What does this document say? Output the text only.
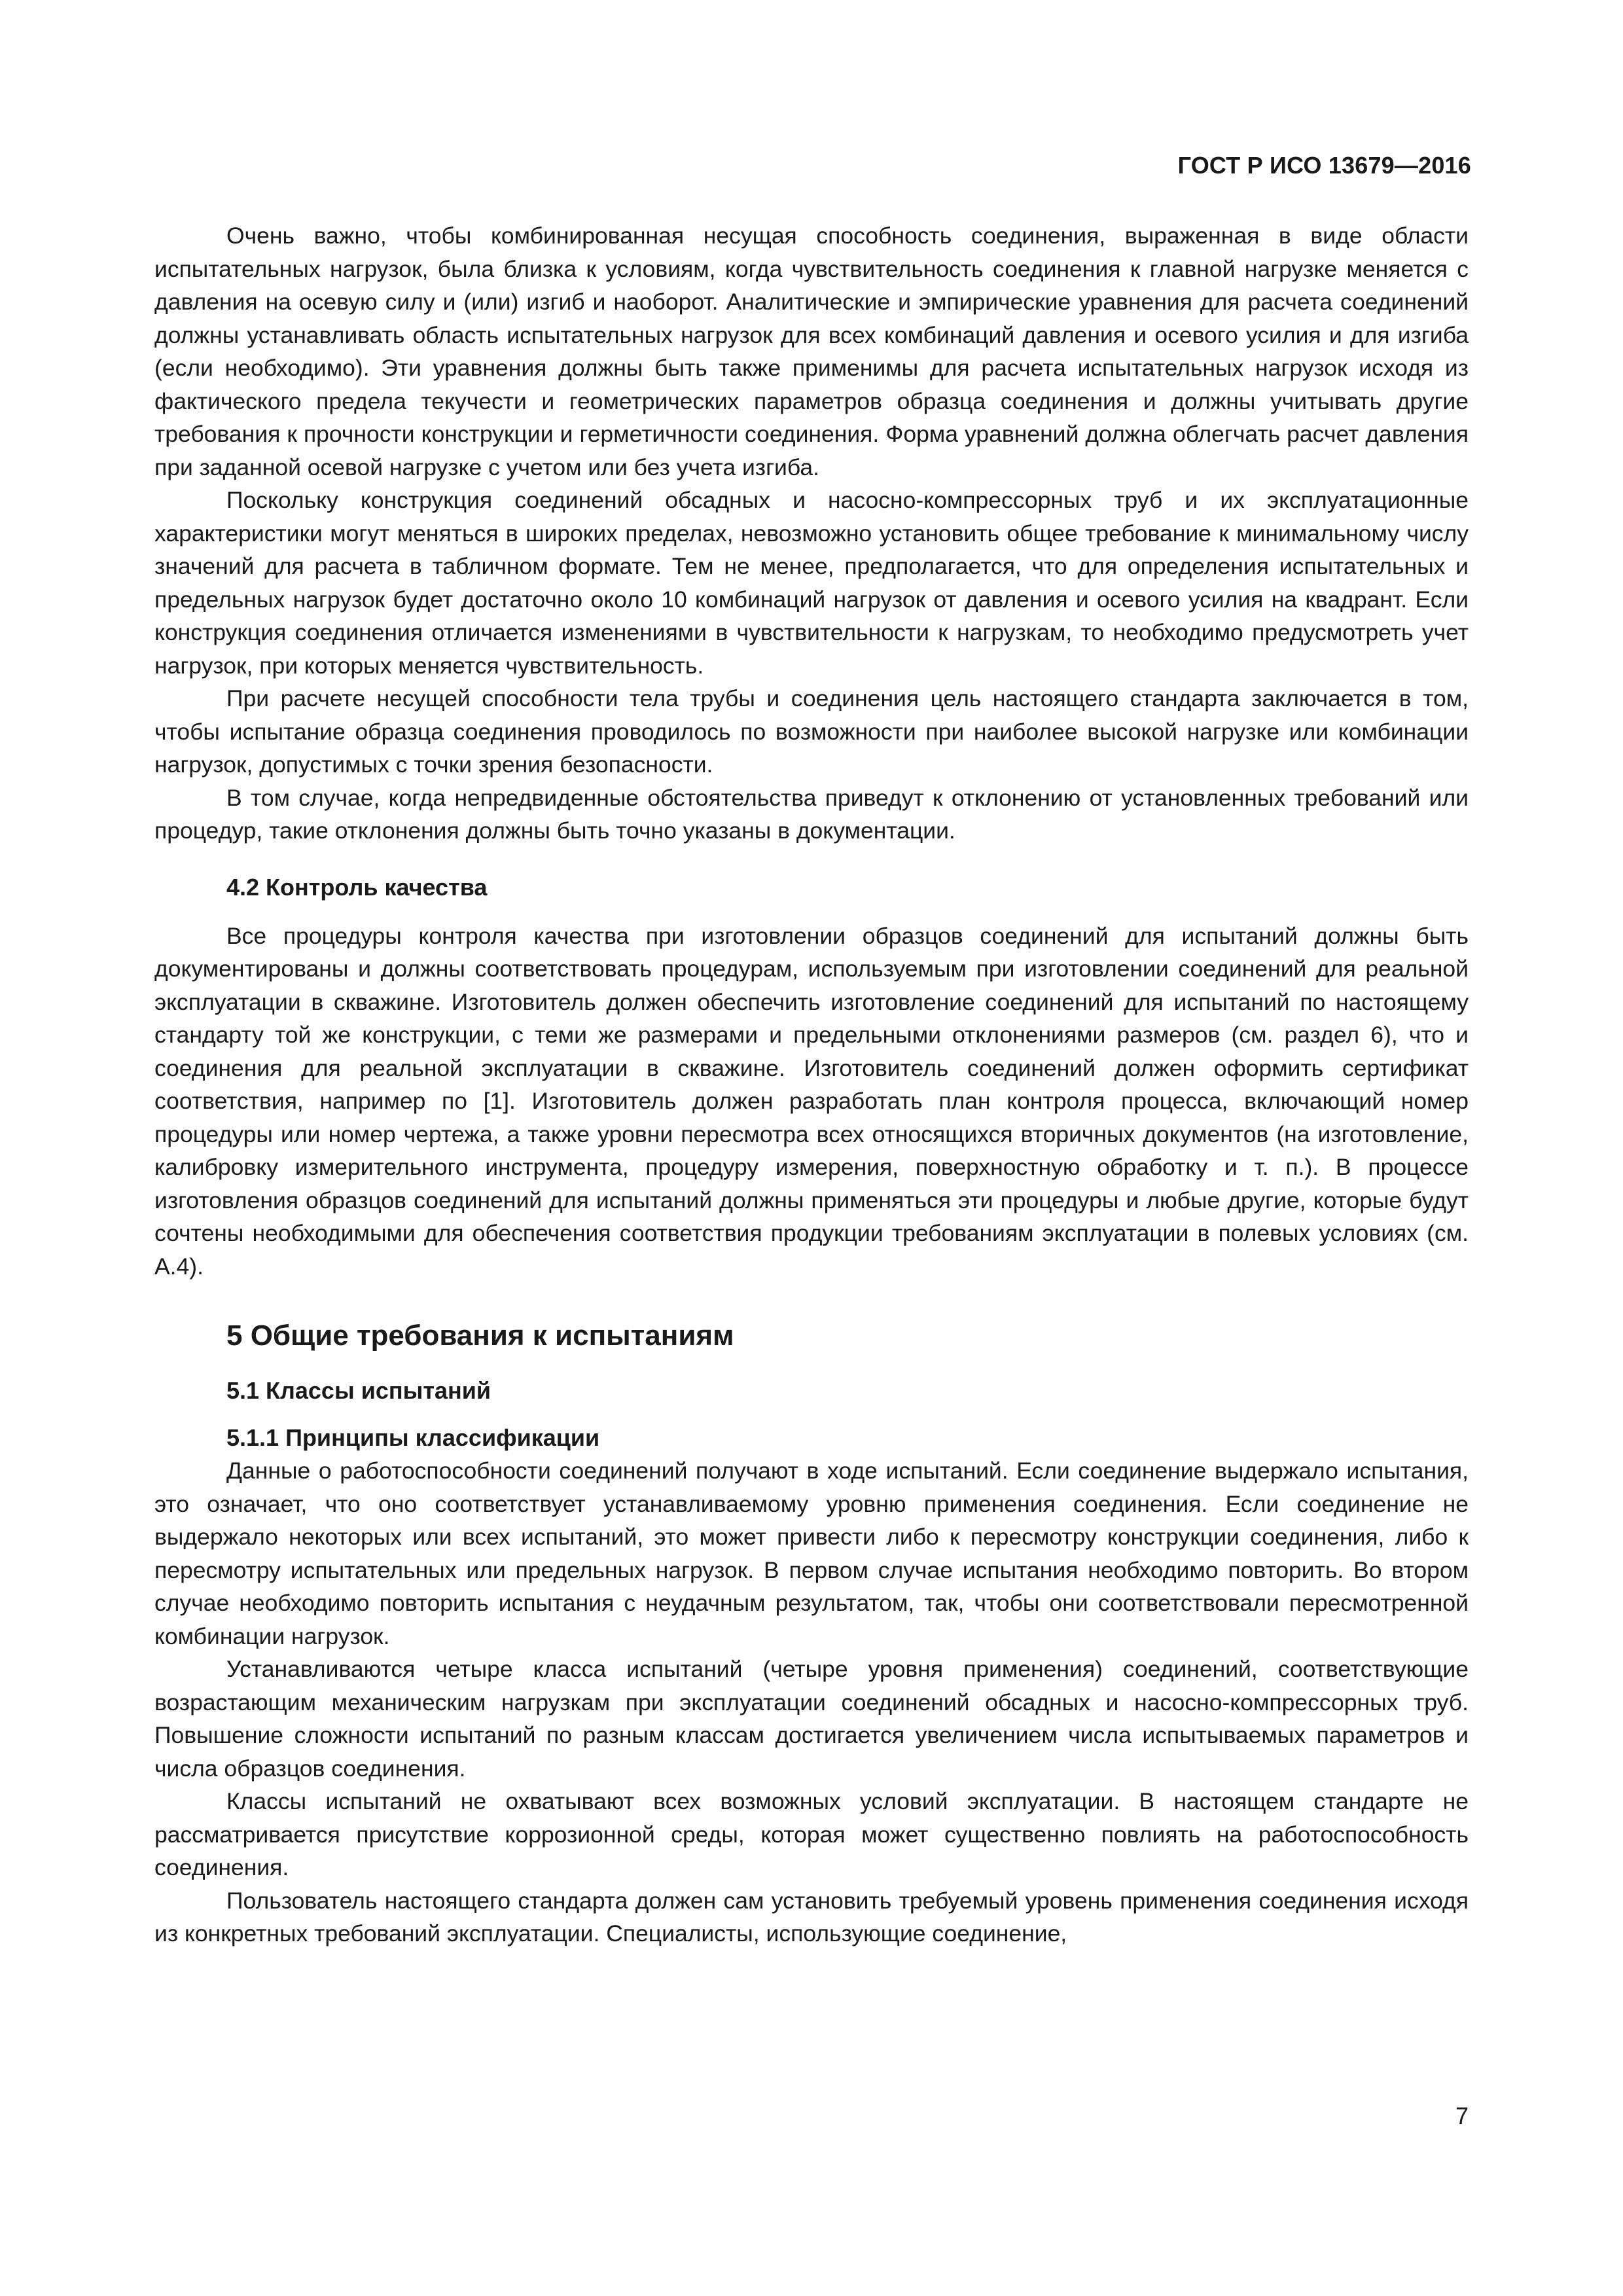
ГОСТ Р ИСО 13679—2016

Очень важно, чтобы комбинированная несущая способность соединения, выраженная в виде области испытательных нагрузок, была близка к условиям, когда чувствительность соединения к главной нагрузке меняется с давления на осевую силу и (или) изгиб и наоборот. Аналитические и эмпирические уравнения для расчета соединений должны устанавливать область испытательных нагрузок для всех комбинаций давления и осевого усилия и для изгиба (если необходимо). Эти уравнения должны быть также применимы для расчета испытательных нагрузок исходя из фактического предела текучести и геометрических параметров образца соединения и должны учитывать другие требования к прочности конструкции и герметичности соединения. Форма уравнений должна облегчать расчет давления при заданной осевой нагрузке с учетом или без учета изгиба.

Поскольку конструкция соединений обсадных и насосно-компрессорных труб и их эксплуатационные характеристики могут меняться в широких пределах, невозможно установить общее требование к минимальному числу значений для расчета в табличном формате. Тем не менее, предполагается, что для определения испытательных и предельных нагрузок будет достаточно около 10 комбинаций нагрузок от давления и осевого усилия на квадрант. Если конструкция соединения отличается изменениями в чувствительности к нагрузкам, то необходимо предусмотреть учет нагрузок, при которых меняется чувствительность.

При расчете несущей способности тела трубы и соединения цель настоящего стандарта заключается в том, чтобы испытание образца соединения проводилось по возможности при наиболее высокой нагрузке или комбинации нагрузок, допустимых с точки зрения безопасности.

В том случае, когда непредвиденные обстоятельства приведут к отклонению от установленных требований или процедур, такие отклонения должны быть точно указаны в документации.

4.2 Контроль качества

Все процедуры контроля качества при изготовлении образцов соединений для испытаний должны быть документированы и должны соответствовать процедурам, используемым при изготовлении соединений для реальной эксплуатации в скважине. Изготовитель должен обеспечить изготовление соединений для испытаний по настоящему стандарту той же конструкции, с теми же размерами и предельными отклонениями размеров (см. раздел 6), что и соединения для реальной эксплуатации в скважине. Изготовитель соединений должен оформить сертификат соответствия, например по [1]. Изготовитель должен разработать план контроля процесса, включающий номер процедуры или номер чертежа, а также уровни пересмотра всех относящихся вторичных документов (на изготовление, калибровку измерительного инструмента, процедуру измерения, поверхностную обработку и т. п.). В процессе изготовления образцов соединений для испытаний должны применяться эти процедуры и любые другие, которые будут сочтены необходимыми для обеспечения соответствия продукции требованиям эксплуатации в полевых условиях (см. А.4).

5 Общие требования к испытаниям
5.1 Классы испытаний
5.1.1 Принципы классификации

Данные о работоспособности соединений получают в ходе испытаний. Если соединение выдержало испытания, это означает, что оно соответствует устанавливаемому уровню применения соединения. Если соединение не выдержало некоторых или всех испытаний, это может привести либо к пересмотру конструкции соединения, либо к пересмотру испытательных или предельных нагрузок. В первом случае испытания необходимо повторить. Во втором случае необходимо повторить испытания с неудачным результатом, так, чтобы они соответствовали пересмотренной комбинации нагрузок.

Устанавливаются четыре класса испытаний (четыре уровня применения) соединений, соответствующие возрастающим механическим нагрузкам при эксплуатации соединений обсадных и насосно-компрессорных труб. Повышение сложности испытаний по разным классам достигается увеличением числа испытываемых параметров и числа образцов соединения.

Классы испытаний не охватывают всех возможных условий эксплуатации. В настоящем стандарте не рассматривается присутствие коррозионной среды, которая может существенно повлиять на работоспособность соединения.

Пользователь настоящего стандарта должен сам установить требуемый уровень применения соединения исходя из конкретных требований эксплуатации. Специалисты, использующие соединение,

7
